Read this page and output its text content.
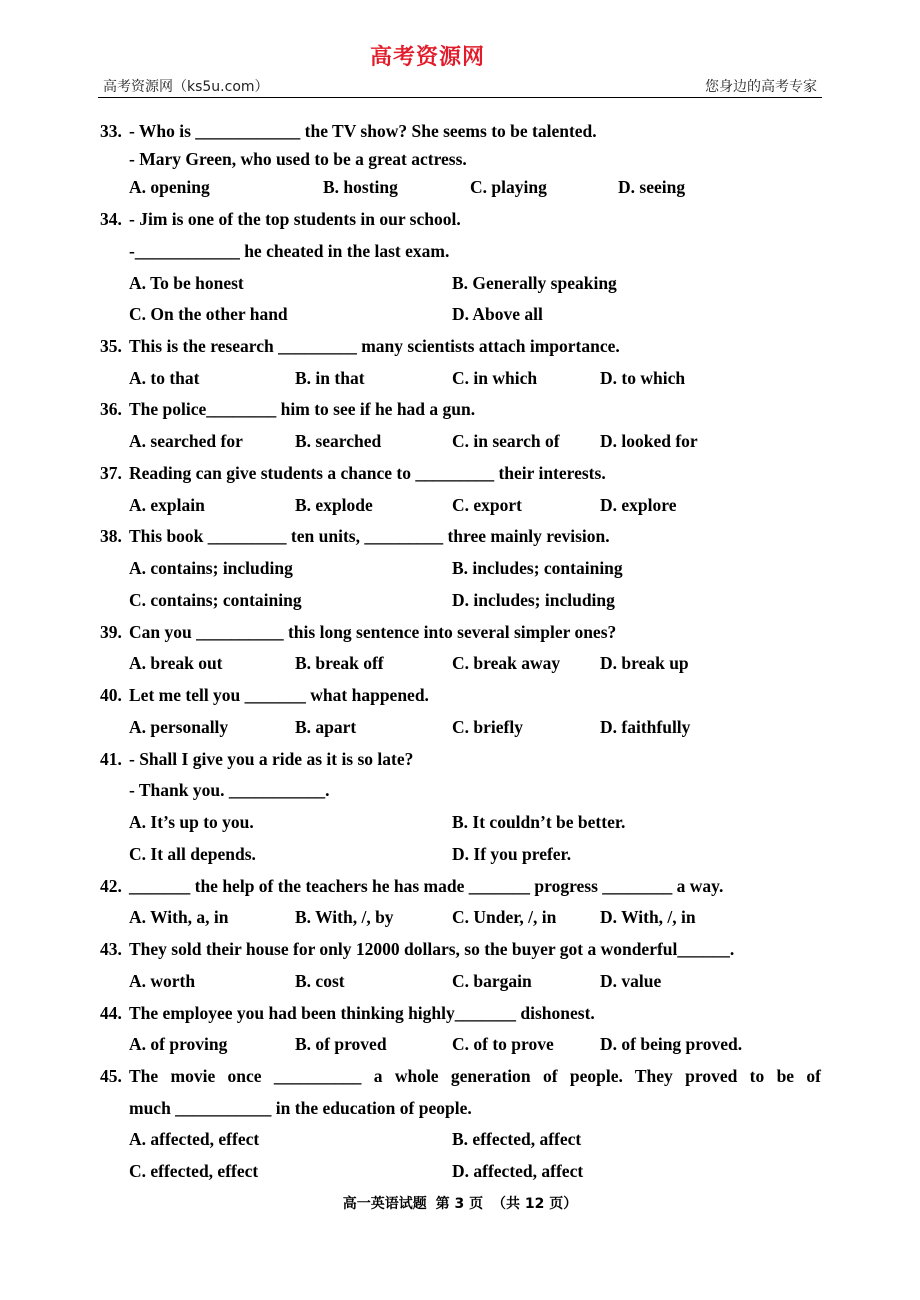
高考资源网
高考资源网（ks5u.com）	您身边的高考专家
33. - Who is ____________ the TV show? She seems to be talented.
- Mary Green, who used to be a great actress.
A. opening	B. hosting	C. playing	D. seeing
34. - Jim is one of the top students in our school.
-____________ he cheated in the last exam.
A. To be honest	B. Generally speaking
C. On the other hand	D. Above all
35. This is the research _________ many scientists attach importance.
A. to that	B. in that	C. in which	D. to which
36. The police________ him to see if he had a gun.
A. searched for	B. searched	C. in search of D. looked for
37. Reading can give students a chance to _________ their interests.
A. explain	B. explode	C. export	D. explore
38. This book _________ ten units, _________ three mainly revision.
A. contains; including	B. includes; containing
C. contains; containing	D. includes; including
39. Can you __________ this long sentence into several simpler ones?
A. break out	B. break off	C. break away D. break up
40. Let me tell you _______ what happened.
A. personally	B. apart	C. briefly	D. faithfully
41. - Shall I give you a ride as it is so late?
- Thank you. ___________.
A. It’s up to you.	B. It couldn’t be better.
C. It all depends.	D. If you prefer.
42. _______ the help of the teachers he has made _______ progress ________ a way.
A. With, a, in	B. With, /, by	C. Under, /, in D. With, /, in
43. They sold their house for only 12000 dollars, so the buyer got a wonderful______.
A. worth	B. cost	C. bargain	D. value
44. The employee you had been thinking highly_______ dishonest.
A. of proving	B. of proved	C. of to prove	D. of being proved.
45. The movie once __________ a whole generation of people. They proved to be of
much ___________ in the education of people.
A. affected, effect	B. effected, affect
C. effected, effect	D. affected, affect
高一英语试题 第 3 页 （共 12 页）
